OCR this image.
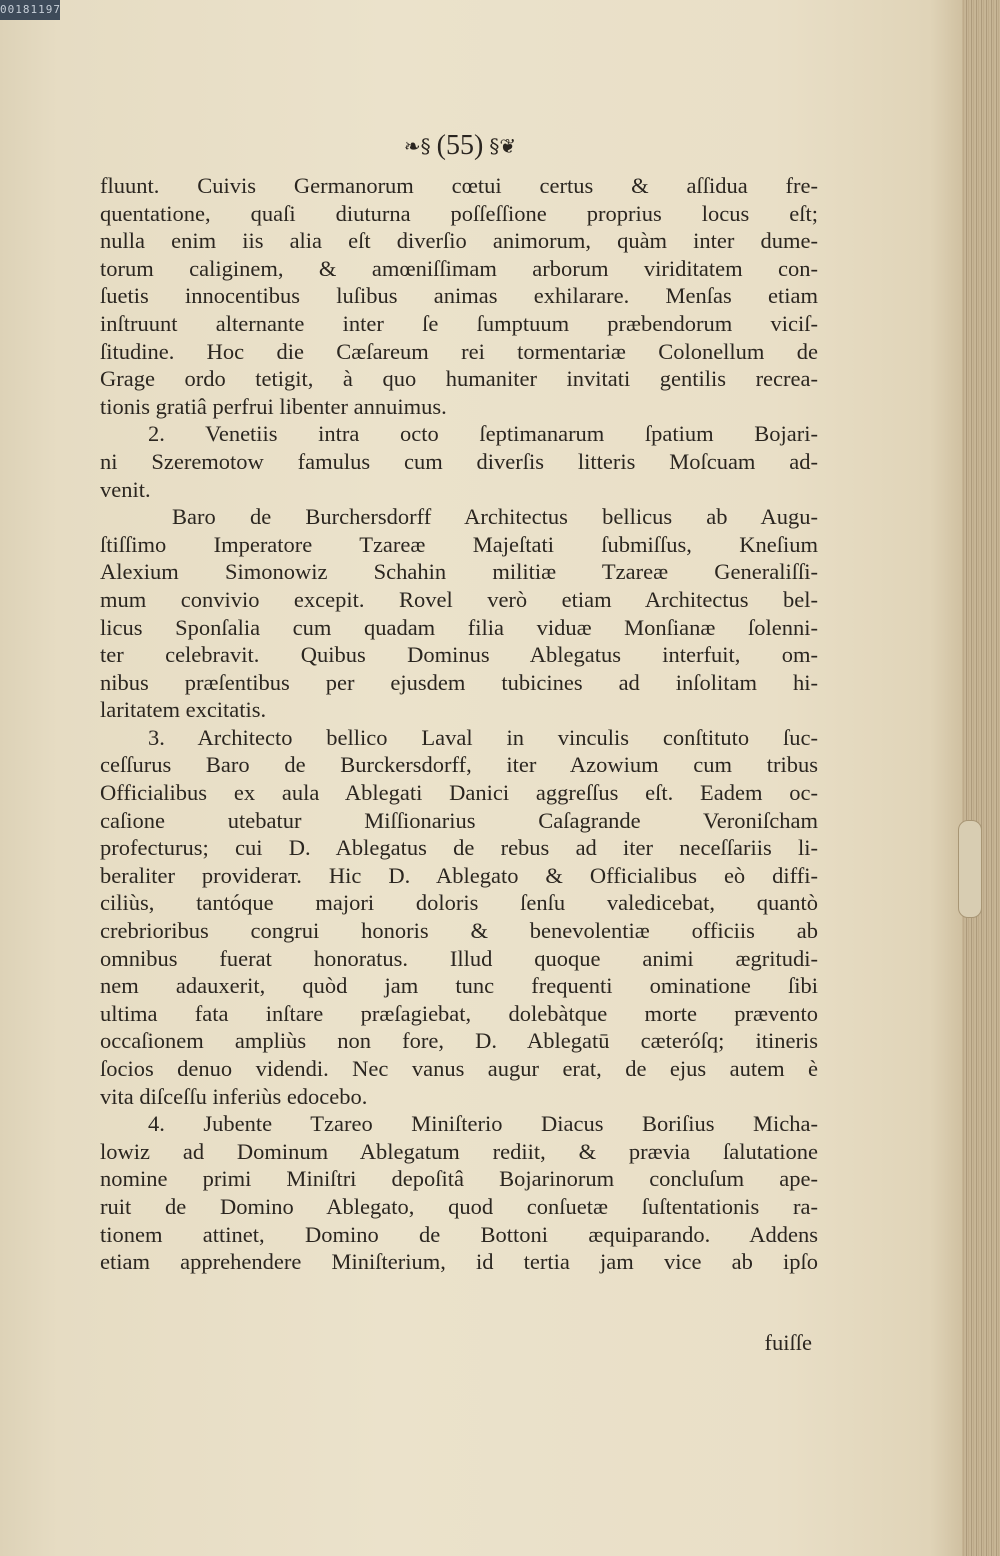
00181197
❧§ (55) §❦
fluunt. Cuivis Germanorum cœtui certus & aſſidua fre-
quentatione, quaſi diuturna poſſeſſione proprius locus eſt;
nulla enim iis alia eſt diverſio animorum, quàm inter dume-
torum caliginem, & amœniſſimam arborum viriditatem con-
ſuetis innocentibus luſibus animas exhilarare. Menſas etiam
inſtruunt alternante inter ſe ſumptuum præbendorum viciſ-
ſitudine. Hoc die Cæſareum rei tormentariæ Colonellum de
Grage ordo tetigit, à quo humaniter invitati gentilis recrea-
tionis gratiâ perfrui libenter annuimus.
2. Venetiis intra octo ſeptimanarum ſpatium Bojari-
ni Szeremotow famulus cum diverſis litteris Moſcuam ad-
venit.
Baro de Burchersdorff Architectus bellicus ab Augu-
ſtiſſimo Imperatore Tzareæ Majeſtati ſubmiſſus, Kneſium
Alexium Simonowiz Schahin militiæ Tzareæ Generaliſſi-
mum convivio excepit. Rovel verò etiam Architectus bel-
licus Sponſalia cum quadam filia viduæ Monſianæ ſolenni-
ter celebravit. Quibus Dominus Ablegatus interfuit, om-
nibus præſentibus per ejusdem tubicines ad inſolitam hi-
laritatem excitatis.
3. Architecto bellico Laval in vinculis conſtituto ſuc-
ceſſurus Baro de Burckersdorff, iter Azowium cum tribus
Officialibus ex aula Ablegati Danici aggreſſus eſt. Eadem oc-
caſione utebatur Miſſionarius Caſagrande Veroniſcham
profecturus; cui D. Ablegatus de rebus ad iter neceſſariis li-
beraliter provideraт. Hic D. Ablegato & Officialibus eò diffi-
ciliùs, tantóque majori doloris ſenſu valedicebat, quantò
crebrioribus congrui honoris & benevolentiæ officiis ab
omnibus fuerat honoratus. Illud quoque animi ægritudi-
nem adauxerit, quòd jam tunc frequenti ominatione ſibi
ultima fata inſtare præſagiebat, dolebàtque morte prævento
occaſionem ampliùs non fore, D. Ablegatū cæteróſq; itineris
ſocios denuo videndi. Nec vanus augur erat, de ejus autem è
vita diſceſſu inferiùs edocebo.
4. Jubente Tzareo Miniſterio Diacus Boriſius Micha-
lowiz ad Dominum Ablegatum rediit, & prævia ſalutatione
nomine primi Miniſtri depoſitâ Bojarinorum concluſum ape-
ruit de Domino Ablegato, quod conſuetæ ſuſtentationis ra-
tionem attinet, Domino de Bottoni æquiparando. Addens
etiam apprehendere Miniſterium, id tertia jam vice ab ipſo
fuiſſe
